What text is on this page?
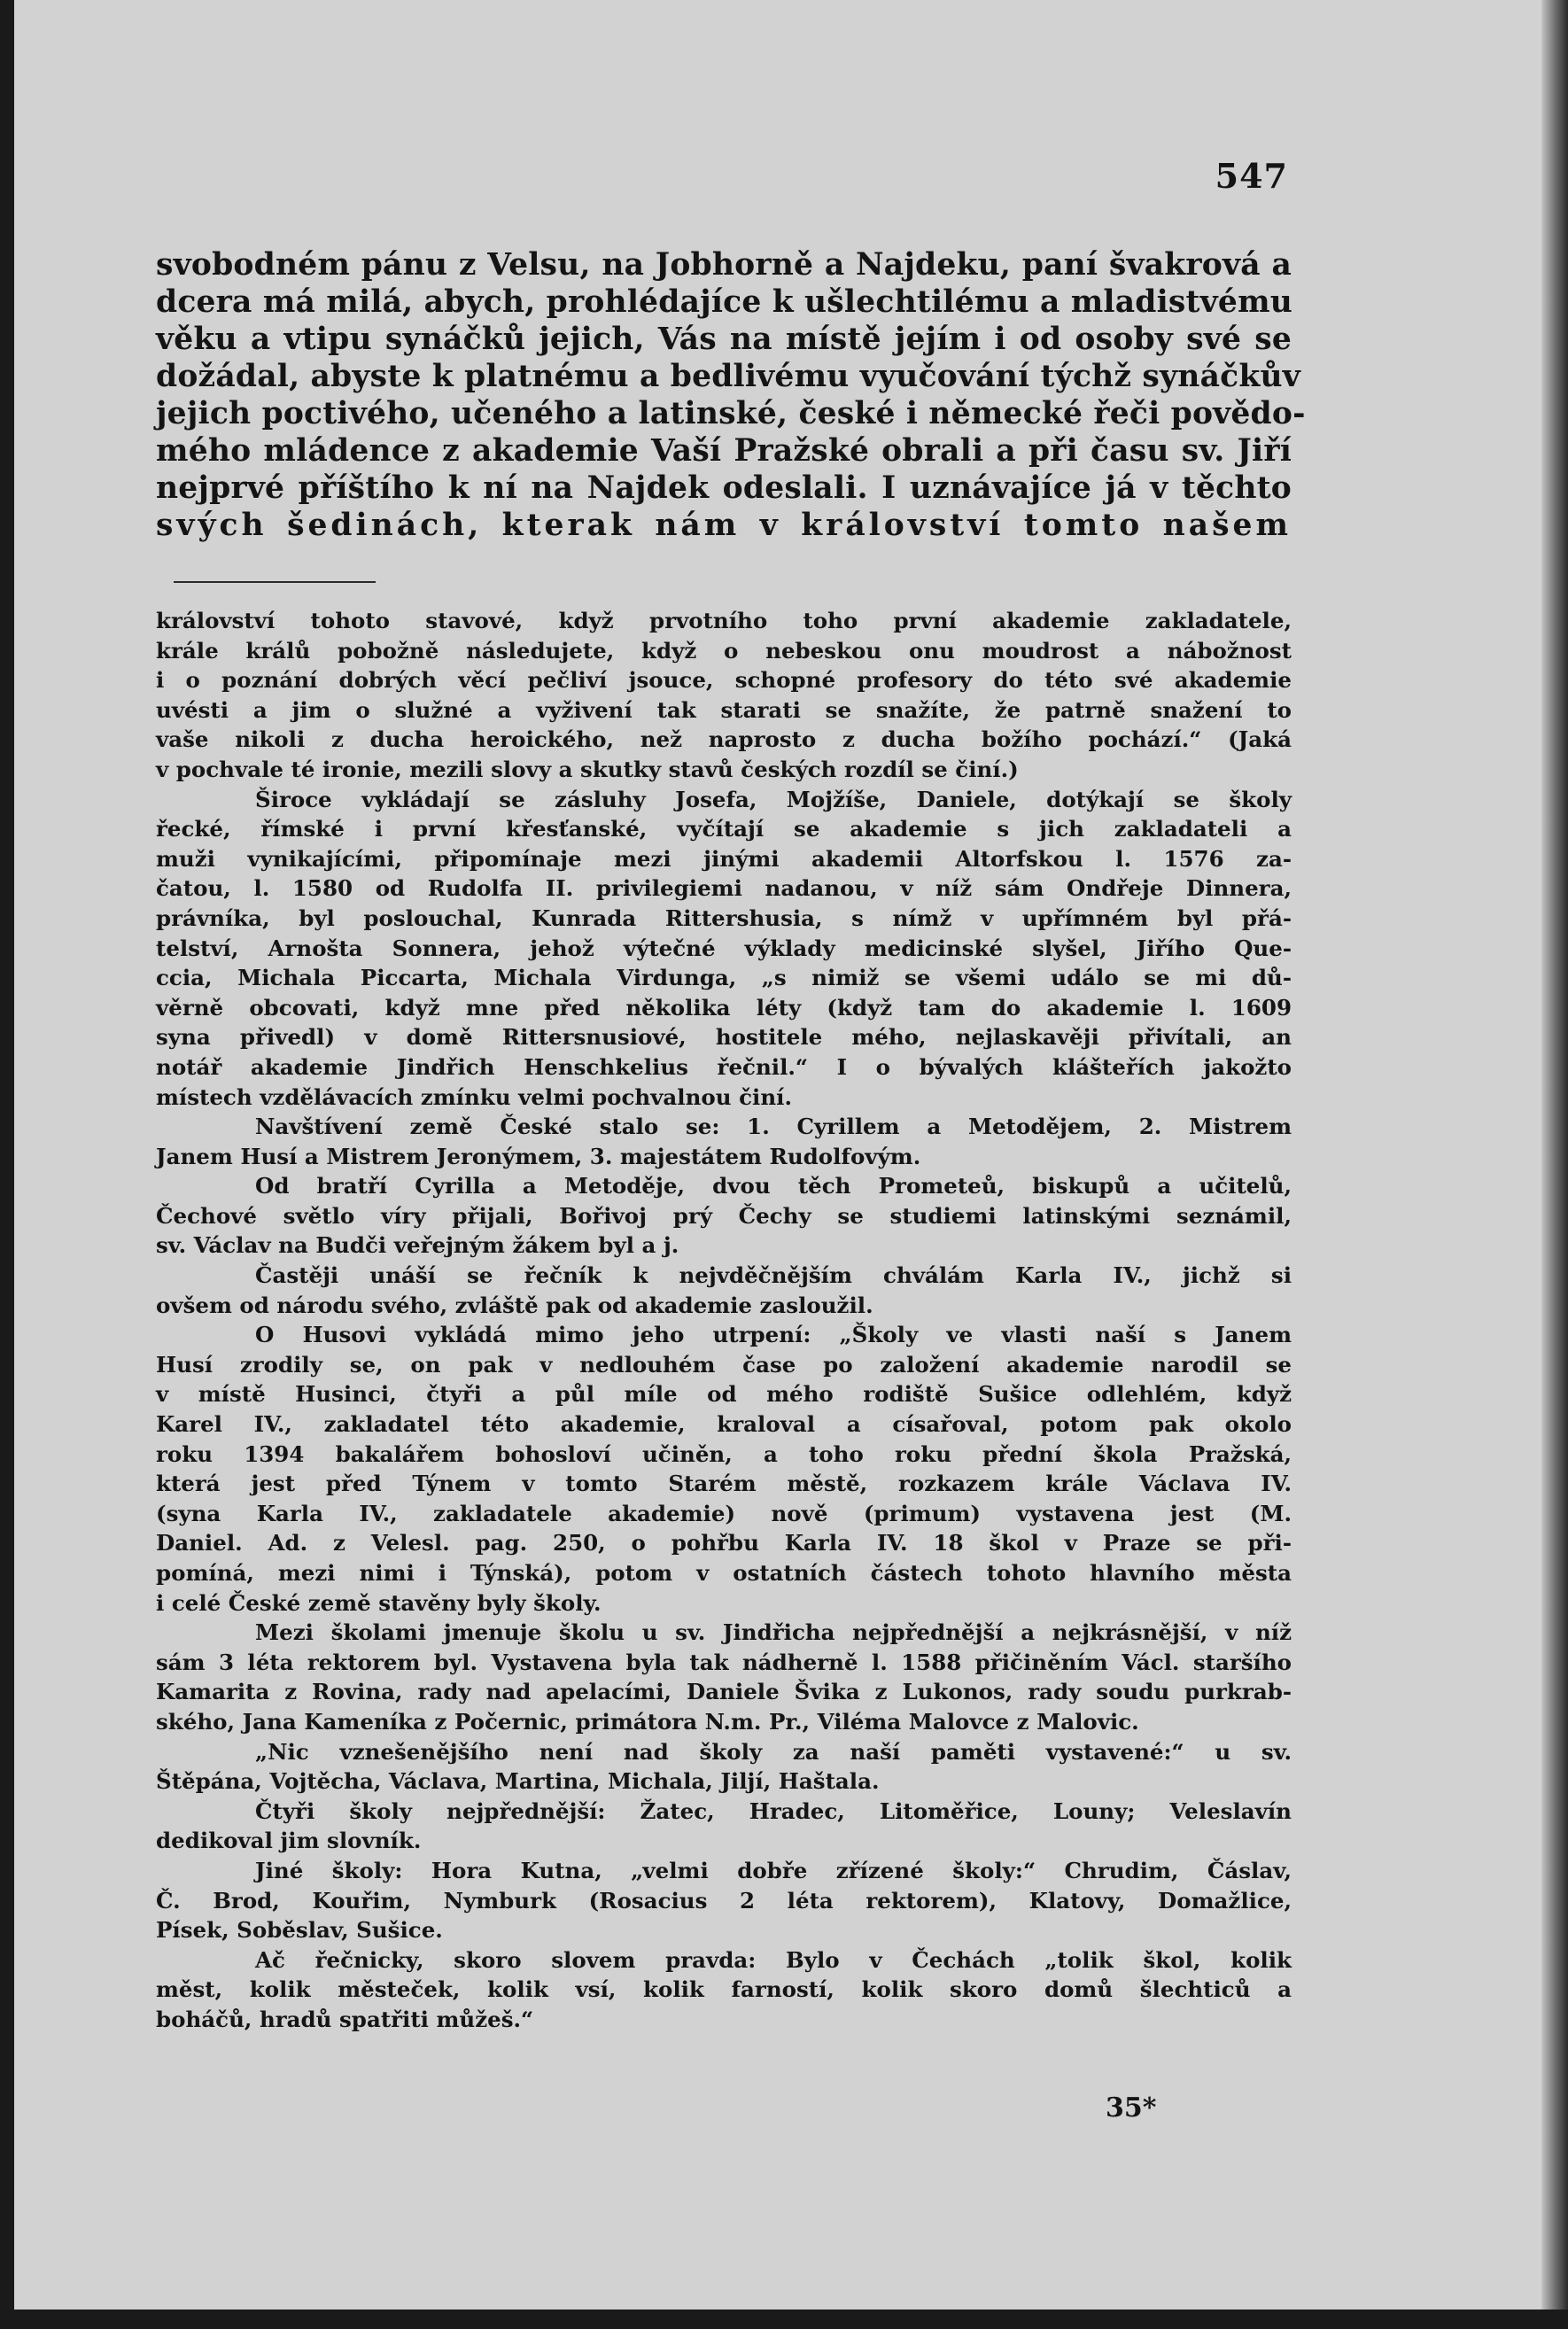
547
svobodném pánu z Velsu, na Jobhorně a Najdeku, paní švakrová a
dcera má milá, abych, prohlédajíce k ušlechtilému a mladistvému
věku a vtipu synáčků jejich, Vás na místě jejím i od osoby své se
dožádal, abyste k platnému a bedlivému vyučování týchž synáčkův
jejich poctivého, učeného a latinské, české i německé řeči povědo-
mého mládence z akademie Vaší Pražské obrali a při času sv. Jiří
nejprvé příštího k ní na Najdek odeslali. I uznávajíce já v těchto
svých šedinách, kterak nám v království tomto našem
království tohoto stavové, když prvotního toho první akademie zakladatele,
krále králů pobožně následujete, když o nebeskou onu moudrost a nábožnost
i o poznání dobrých věcí pečliví jsouce, schopné profesory do této své akademie
uvésti a jim o služné a vyživení tak starati se snažíte, že patrně snažení to
vaše nikoli z ducha heroického, než naprosto z ducha božího pochází.“ (Jaká
v pochvale té ironie, mezili slovy a skutky stavů českých rozdíl se činí.)
Široce vykládají se zásluhy Josefa, Mojžíše, Daniele, dotýkají se školy
řecké, římské i první křesťanské, vyčítají se akademie s jich zakladateli a
muži vynikajícími, připomínaje mezi jinými akademii Altorfskou l. 1576 za-
čatou, l. 1580 od Rudolfa II. privilegiemi nadanou, v níž sám Ondřeje Dinnera,
právníka, byl poslouchal, Kunrada Rittershusia, s nímž v upřímném byl přá-
telství, Arnošta Sonnera, jehož výtečné výklady medicinské slyšel, Jiřího Que-
ccia, Michala Piccarta, Michala Virdunga, „s nimiž se všemi událo se mi dů-
věrně obcovati, když mne před několika léty (když tam do akademie l. 1609
syna přivedl) v domě Rittersnusiové, hostitele mého, nejlaskavěji přivítali, an
notář akademie Jindřich Henschkelius řečnil.“ I o bývalých klášteřích jakožto
místech vzdělávacích zmínku velmi pochvalnou činí.
Navštívení země České stalo se: 1. Cyrillem a Metodějem, 2. Mistrem
Janem Husí a Mistrem Jeronýmem, 3. majestátem Rudolfovým.
Od bratří Cyrilla a Metoděje, dvou těch Prometeů, biskupů a učitelů,
Čechové světlo víry přijali, Bořivoj prý Čechy se studiemi latinskými seznámil,
sv. Václav na Budči veřejným žákem byl a j.
Častěji unáší se řečník k nejvděčnějším chválám Karla IV., jichž si
ovšem od národu svého, zvláště pak od akademie zasloužil.
O Husovi vykládá mimo jeho utrpení: „Školy ve vlasti naší s Janem
Husí zrodily se, on pak v nedlouhém čase po založení akademie narodil se
v místě Husinci, čtyři a půl míle od mého rodiště Sušice odlehlém, když
Karel IV., zakladatel této akademie, kraloval a císařoval, potom pak okolo
roku 1394 bakalářem bohosloví učiněn, a toho roku přední škola Pražská,
která jest před Týnem v tomto Starém městě, rozkazem krále Václava IV.
(syna Karla IV., zakladatele akademie) nově (primum) vystavena jest (M.
Daniel. Ad. z Velesl. pag. 250, o pohřbu Karla IV. 18 škol v Praze se při-
pomíná, mezi nimi i Týnská), potom v ostatních částech tohoto hlavního města
i celé České země stavěny byly školy.
Mezi školami jmenuje školu u sv. Jindřicha nejpřednější a nejkrásnější, v níž
sám 3 léta rektorem byl. Vystavena byla tak nádherně l. 1588 přičiněním Václ. staršího
Kamarita z Rovina, rady nad apelacími, Daniele Švika z Lukonos, rady soudu purkrab-
ského, Jana Kameníka z Počernic, primátora N.m. Pr., Viléma Malovce z Malovic.
„Nic vznešenějšího není nad školy za naší paměti vystavené:“ u sv.
Štěpána, Vojtěcha, Václava, Martina, Michala, Jiljí, Haštala.
Čtyři školy nejpřednější: Žatec, Hradec, Litoměřice, Louny; Veleslavín
dedikoval jim slovník.
Jiné školy: Hora Kutna, „velmi dobře zřízené školy:“ Chrudim, Čáslav,
Č. Brod, Kouřim, Nymburk (Rosacius 2 léta rektorem), Klatovy, Domažlice,
Písek, Soběslav, Sušice.
Ač řečnicky, skoro slovem pravda: Bylo v Čechách „tolik škol, kolik
měst, kolik městeček, kolik vsí, kolik farností, kolik skoro domů šlechticů a
boháčů, hradů spatřiti můžeš.“
35*
